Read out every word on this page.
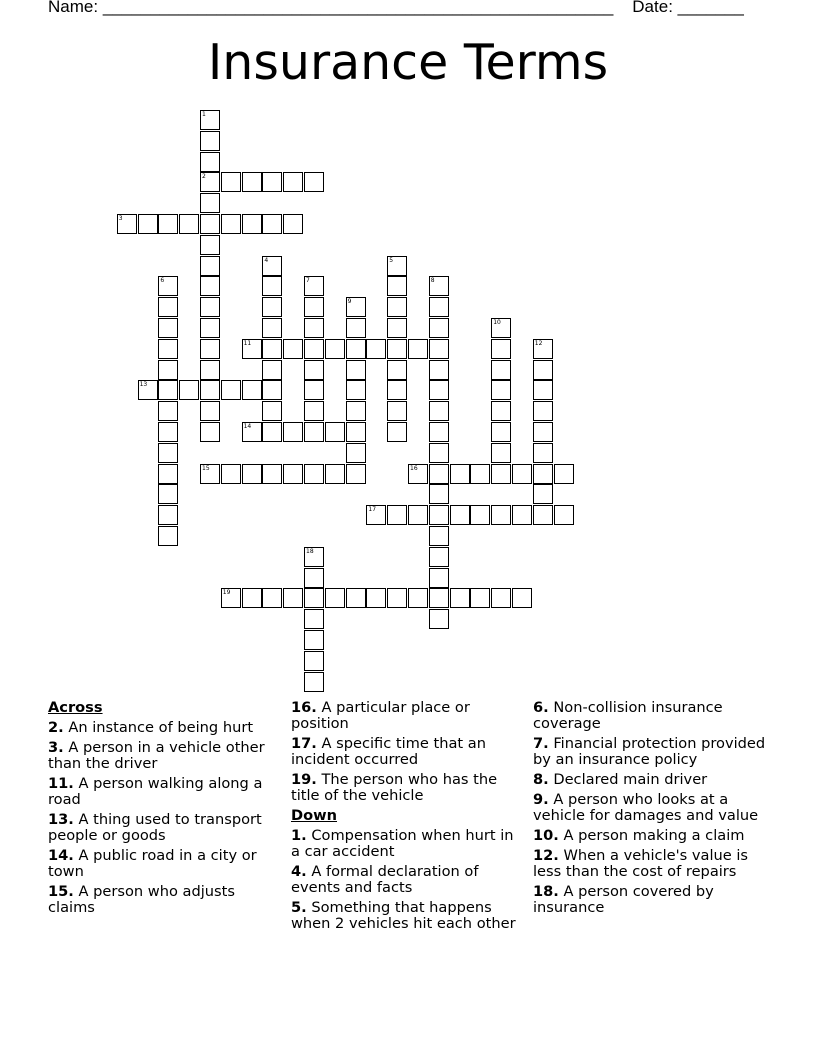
Name: ______________________________________________________ Date: _______
Insurance Terms
1
2
3
4	5
6	7	8
9
10
11	12
13
14
15	16
17
18
19
Across
2. An instance of being hurt
3. A person in a vehicle other than the driver
11. A person walking along a road
13. A thing used to transport people or goods
14. A public road in a city or town
15. A person who adjusts claims
16. A particular place or position
17. A specific time that an incident occurred
19. The person who has the title of the vehicle
Down
1. Compensation when hurt in a car accident
4. A formal declaration of events and facts
5. Something that happens when 2 vehicles hit each other
6. Non-collision insurance coverage
7. Financial protection provided by an insurance policy
8. Declared main driver
9. A person who looks at a vehicle for damages and value
10. A person making a claim
12. When a vehicle's value is less than the cost of repairs
18. A person covered by insurance
